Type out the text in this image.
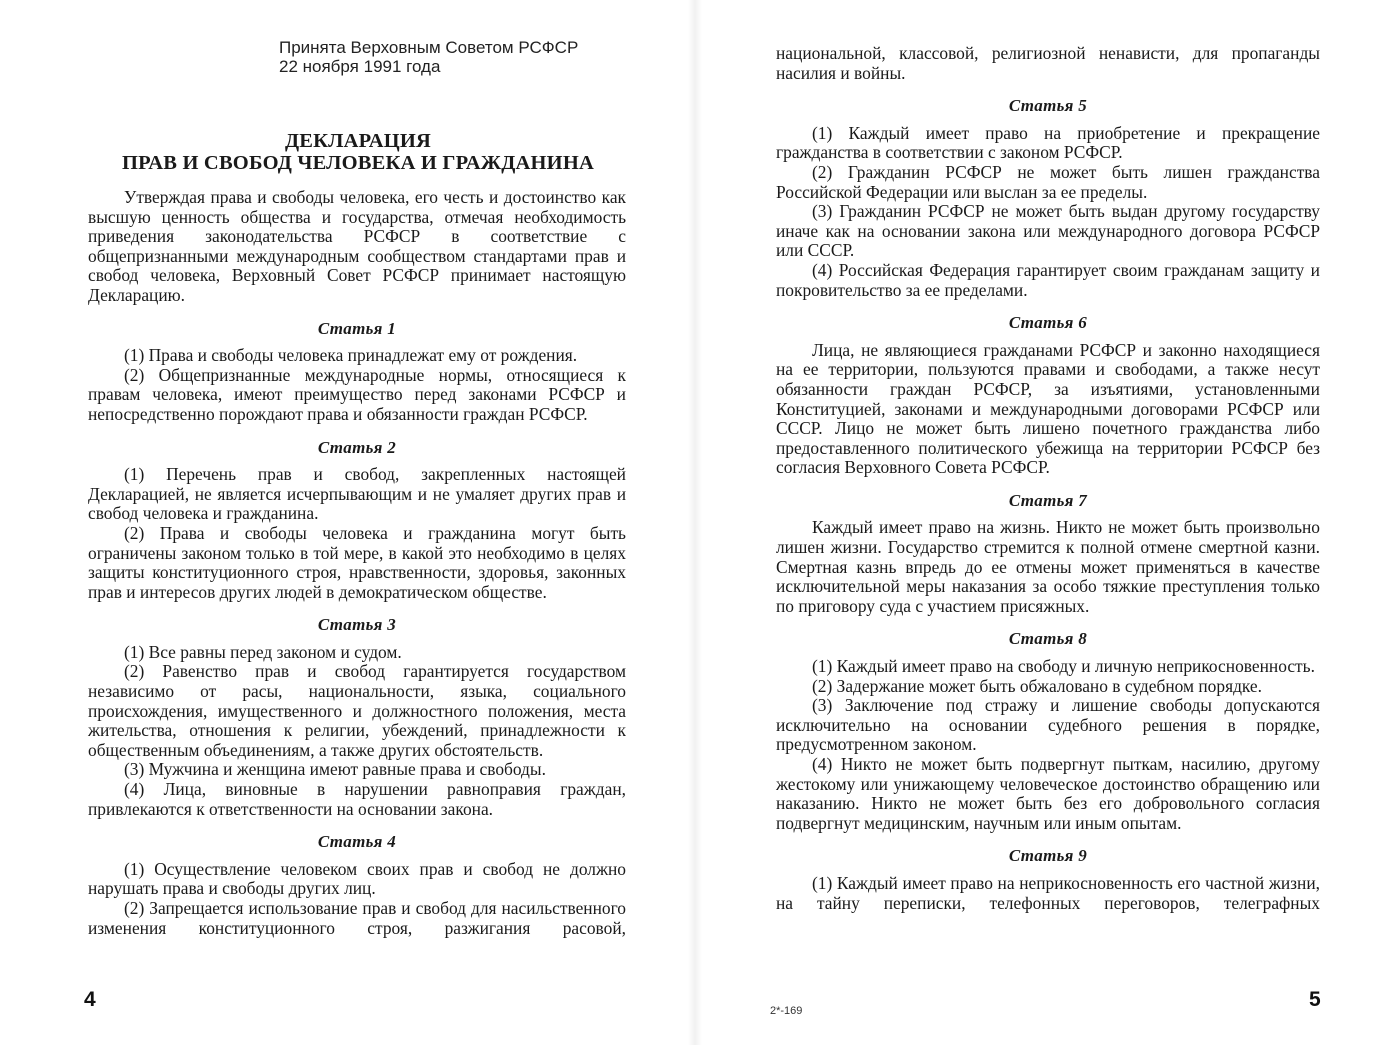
Принята Верховным Советом РСФСР
22 ноября 1991 года
ДЕКЛАРАЦИЯ
ПРАВ И СВОБОД ЧЕЛОВЕКА И ГРАЖДАНИНА

Утверждая права и свободы человека, его честь и достоинство как высшую ценность общества и государства, отмечая необходимость приведения законодательства РСФСР в соответствие с общепризнанными международным сообществом стандартами прав и свобод человека, Верховный Совет РСФСР принимает настоящую Декларацию.

Статья 1

(1) Права и свободы человека принадлежат ему от рождения.

(2) Общепризнанные международные нормы, относящиеся к правам человека, имеют преимущество перед законами РСФСР и непосредственно порождают права и обязанности граждан РСФСР.

Статья 2

(1) Перечень прав и свобод, закрепленных настоящей Декларацией, не является исчерпывающим и не умаляет других прав и свобод человека и гражданина.

(2) Права и свободы человека и гражданина могут быть ограничены законом только в той мере, в какой это необходимо в целях защиты конституционного строя, нравственности, здоровья, законных прав и интересов других людей в демократическом обществе.

Статья 3

(1) Все равны перед законом и судом.

(2) Равенство прав и свобод гарантируется государством независимо от расы, национальности, языка, социального происхождения, имущественного и должностного положения, места жительства, отношения к религии, убеждений, принадлежности к общественным объединениям, а также других обстоятельств.

(3) Мужчина и женщина имеют равные права и свободы.

(4) Лица, виновные в нарушении равноправия граждан, привлекаются к ответственности на основании закона.

Статья 4

(1) Осуществление человеком своих прав и свобод не должно нарушать права и свободы других лиц.

(2) Запрещается использование прав и свобод для насильственного изменения конституционного строя, разжигания расовой,

4

национальной, классовой, религиозной ненависти, для пропаганды насилия и войны.

Статья 5

(1) Каждый имеет право на приобретение и прекращение гражданства в соответствии с законом РСФСР.

(2) Гражданин РСФСР не может быть лишен гражданства Российской Федерации или выслан за ее пределы.

(3) Гражданин РСФСР не может быть выдан другому государству иначе как на основании закона или международного договора РСФСР или СССР.

(4) Российская Федерация гарантирует своим гражданам защиту и покровительство за ее пределами.

Статья 6

Лица, не являющиеся гражданами РСФСР и законно находящиеся на ее территории, пользуются правами и свободами, а также несут обязанности граждан РСФСР, за изъятиями, установленными Конституцией, законами и международными договорами РСФСР или СССР. Лицо не может быть лишено почетного гражданства либо предоставленного политического убежища на территории РСФСР без согласия Верховного Совета РСФСР.

Статья 7

Каждый имеет право на жизнь. Никто не может быть произвольно лишен жизни. Государство стремится к полной отмене смертной казни. Смертная казнь впредь до ее отмены может применяться в качестве исключительной меры наказания за особо тяжкие преступления только по приговору суда с участием присяжных.

Статья 8

(1) Каждый имеет право на свободу и личную неприкосновенность.

(2) Задержание может быть обжаловано в судебном порядке.

(3) Заключение под стражу и лишение свободы допускаются исключительно на основании судебного решения в порядке, предусмотренном законом.

(4) Никто не может быть подвергнут пыткам, насилию, другому жестокому или унижающему человеческое достоинство обращению или наказанию. Никто не может быть без его добровольного согласия подвергнут медицинским, научным или иным опытам.

Статья 9

(1) Каждый имеет право на неприкосновенность его частной жизни, на тайну переписки, телефонных переговоров, телеграфных

2*-169	5
